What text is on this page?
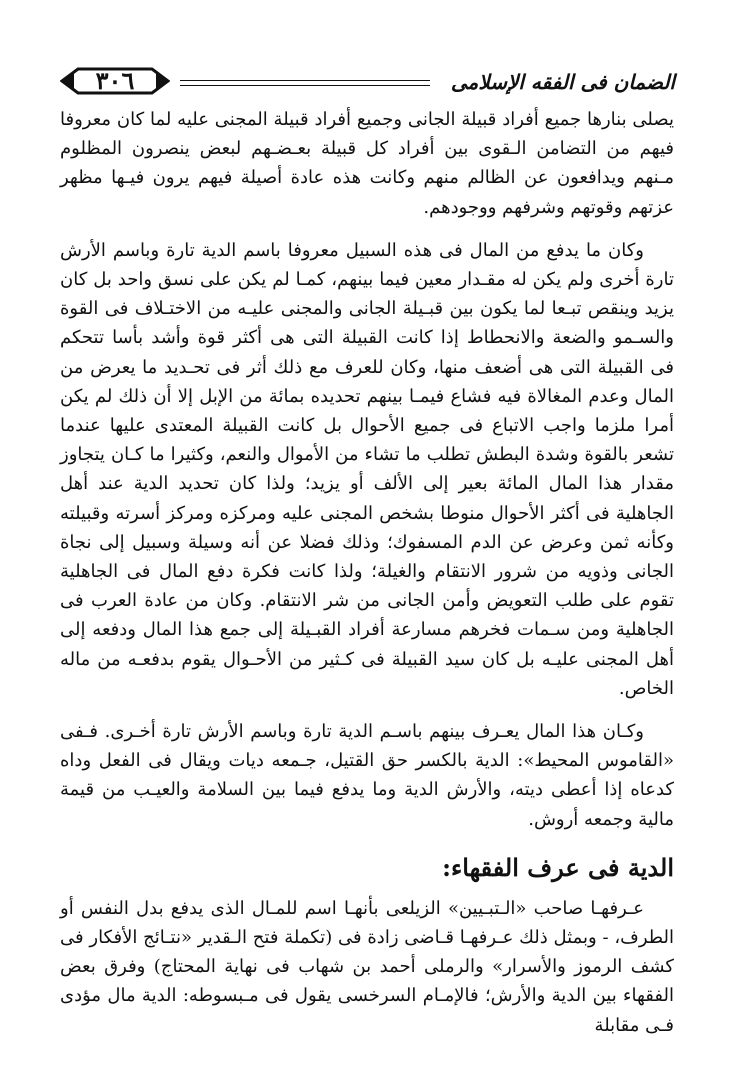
٣٠٦	الضمان فى الفقه الإسلامى

يصلى بنارها جميع أفراد قبيلة الجانى وجميع أفراد قبيلة المجنى عليه لما كان معروفا فيهم من التضامن الـقوى بين أفراد كل قبيلة بعـضـهم لبعض ينصرون المظلوم مـنهم ويدافعون عن الظالم منهم وكانت هذه عادة أصيلة فيهم يرون فيـها مظهر عزتهم وقوتهم وشرفهم ووجودهم.

وكان ما يدفع من المال فى هذه السبيل معروفا باسم الدية تارة وباسم الأرش تارة أخرى ولم يكن له مقـدار معين فيما بينهم، كمـا لم يكن على نسق واحد بل كان يزيد وينقص تبـعا لما يكون بين قبـيلة الجانى والمجنى عليـه من الاختـلاف فى القوة والسـمو والضعة والانحطاط إذا كانت القبيلة التى هى أكثر قوة وأشد بأسا تتحكم فى القبيلة التى هى أضعف منها، وكان للعرف مع ذلك أثر فى تحـديد ما يعرض من المال وعدم المغالاة فيه فشاع فيمـا بينهم تحديده بمائة من الإبل إلا أن ذلك لم يكن أمرا ملزما واجب الاتباع فى جميع الأحوال بل كانت القبيلة المعتدى عليها عندما تشعر بالقوة وشدة البطش تطلب ما تشاء من الأموال والنعم، وكثيرا ما كـان يتجاوز مقدار هذا المال المائة بعير إلى الألف أو يزيد؛ ولذا كان تحديد الدية عند أهل الجاهلية فى أكثر الأحوال منوطا بشخص المجنى عليه ومركزه ومركز أسرته وقبيلته وكأنه ثمن وعرض عن الدم المسفوك؛ وذلك فضلا عن أنه وسيلة وسبيل إلى نجاة الجانى وذويه من شرور الانتقام والغيلة؛ ولذا كانت فكرة دفع المال فى الجاهلية تقوم على طلب التعويض وأمن الجانى من شر الانتقام. وكان من عادة العرب فى الجاهلية ومن سـمات فخرهم مسارعة أفراد القبـيلة إلى جمع هذا المال ودفعه إلى أهل المجنى عليـه بل كان سيد القبيلة فى كـثير من الأحـوال يقوم بدفعـه من ماله الخاص.

وكـان هذا المال يعـرف بينهم باسـم الدية تارة وباسم الأرش تارة أخـرى. فـفى «القاموس المحيط»: الدية بالكسر حق القتيل، جـمعه ديات ويقال فى الفعل وداه كدعاه إذا أعطى ديته، والأرش الدية وما يدفع فيما بين السلامة والعيـب من قيمة مالية وجمعه أروش.

الدية فى عرف الفقهاء:

عـرفهـا صاحب «الـتبـيين» الزيلعى بأنهـا اسم للمـال الذى يدفع بدل النفس أو الطرف، - وبمثل ذلك عـرفهـا قـاضى زادة فى (تكملة فتح الـقدير «نتـائج الأفكار فى كشف الرموز والأسرار» والرملى أحمد بن شهاب فى نهاية المحتاج) وفرق بعض الفقهاء بين الدية والأرش؛ فالإمـام السرخسى يقول فى مـبسوطه: الدية مال مؤدى فـى مقابلة
